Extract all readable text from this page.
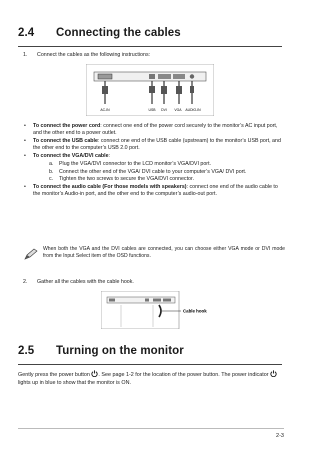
2.4 Connecting the cables
1. Connect the cables as the following instructions:
AC-IN	USB DVI VGA AUDIO-IN
• To connect the power cord: connect one end of the power cord securely to the monitor’s AC input port, and the other end to a power outlet.
• To connect the USB cable: connect one end of the USB cable (upstream) to the monitor’s USB port, and the other end to the computer’s USB 2.0 port.
• To connect the VGA/DVI cable:
a. Plug the VGA/DVI connector to the LCD monitor’s VGA/DVI port.
b. Connect the other end of the VGA/ DVI cable to your computer’s VGA/ DVI port.
c. Tighten the two screws to secure the VGA/DVI connector.
• To connect the audio cable (For those models with speakers): connect one end of the audio cable to the monitor’s Audio-in port, and the other end to the computer’s audio-out port.
When both the VGA and the DVI cables are connected, you can choose either VGA mode or DVI mode from the Input Select item of the OSD functions.
2. Gather all the cables with the cable hook.
Cable hook
2.5 Turning on the monitor
Gently press the power button . See page 1-2 for the location of the power button. The power indicator  lights up in blue to show that the monitor is ON.
2-3
